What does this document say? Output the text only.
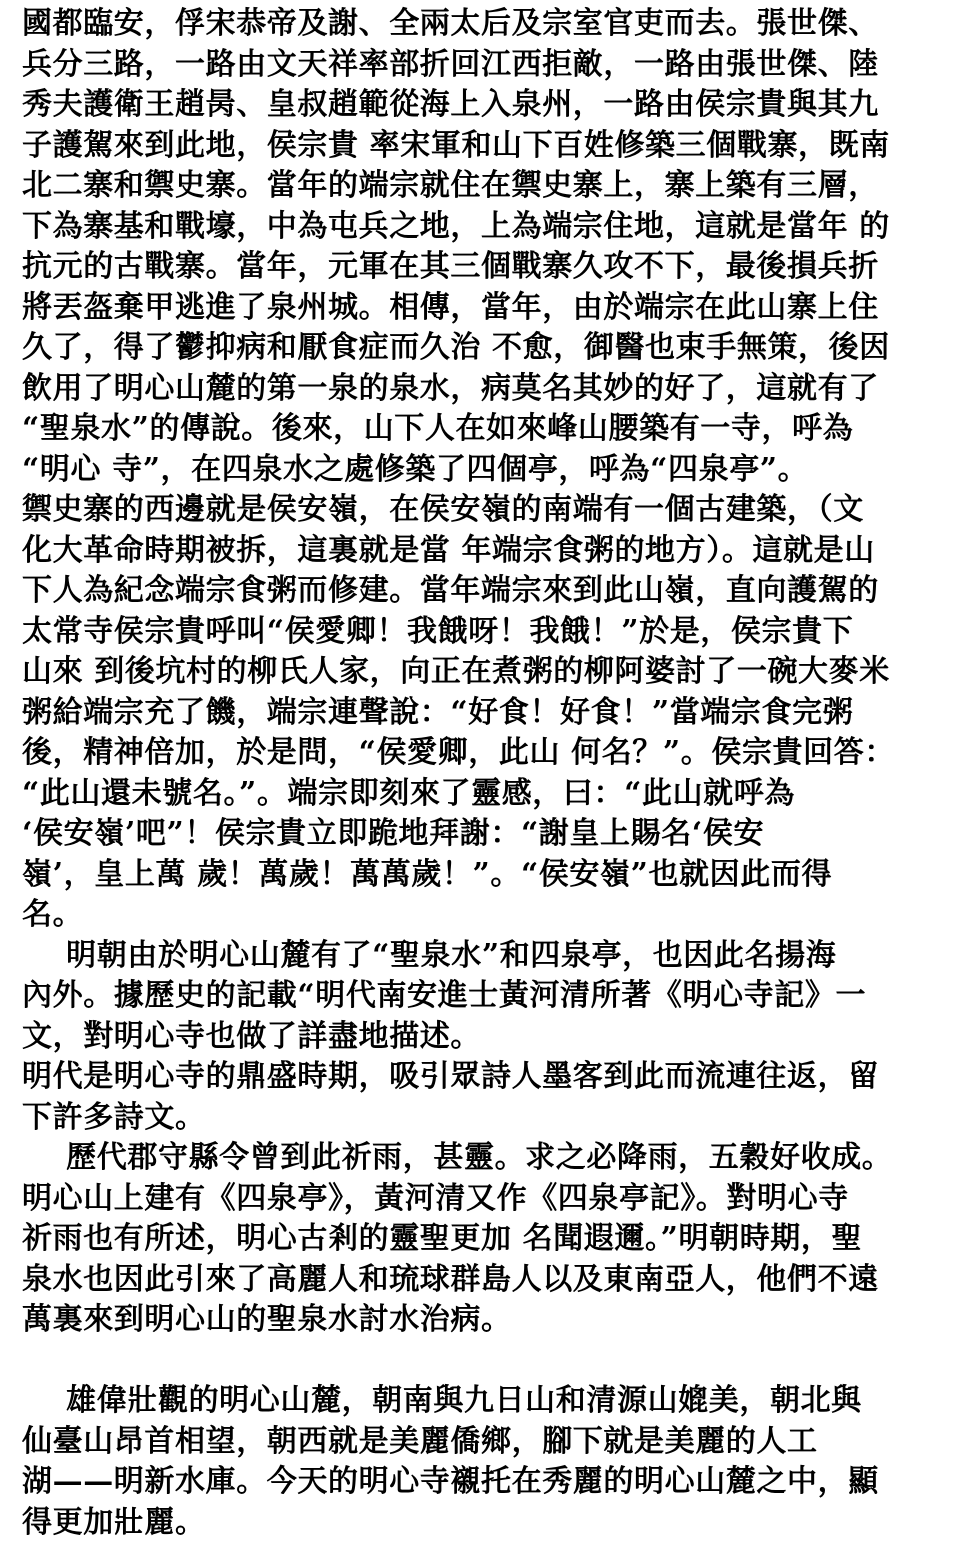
國都臨安，俘宋恭帝及謝、全兩太后及宗室官吏而去。張世傑、
兵分三路，一路由文天祥率部折回江西拒敵，一路由張世傑、陸
秀夫護衛王趙昺、皇叔趙範從海上入泉州，一路由侯宗貴與其九
子護駕來到此地，侯宗貴 率宋軍和山下百姓修築三個戰寨，既南
北二寨和禦史寨。當年的端宗就住在禦史寨上，寨上築有三層，
下為寨基和戰壕，中為屯兵之地，上為端宗住地，這就是當年 的
抗元的古戰寨。當年，元軍在其三個戰寨久攻不下，最後損兵折
將丟盔棄甲逃進了泉州城。相傳，當年，由於端宗在此山寨上住
久了，得了鬱抑病和厭食症而久治 不愈，御醫也束手無策，後因
飲用了明心山麓的第一泉的泉水，病莫名其妙的好了，這就有了
“聖泉水”的傳說。後來，山下人在如來峰山腰築有一寺，呼為
“明心 寺”，在四泉水之處修築了四個亭，呼為“四泉亭”。
禦史寨的西邊就是侯安嶺，在侯安嶺的南端有一個古建築，（文
化大革命時期被拆，這裏就是當 年端宗食粥的地方）。這就是山
下人為紀念端宗食粥而修建。當年端宗來到此山嶺，直向護駕的
太常寺侯宗貴呼叫“侯愛卿！我餓呀！我餓！”於是，侯宗貴下
山來 到後坑村的柳氏人家，向正在煮粥的柳阿婆討了一碗大麥米
粥給端宗充了饑，端宗連聲說：“好食！好食！”當端宗食完粥
後，精神倍加，於是問，“侯愛卿，此山 何名？”。侯宗貴回答：
“此山還未號名。”。端宗即刻來了靈感，曰：“此山就呼為
‘侯安嶺’吧”！侯宗貴立即跪地拜謝：“謝皇上賜名‘侯安
嶺’，皇上萬 歲！萬歲！萬萬歲！”。“侯安嶺”也就因此而得
名。
明朝由於明心山麓有了“聖泉水”和四泉亭，也因此名揚海
內外。據歷史的記載“明代南安進士黃河清所著《明心寺記》一
文，對明心寺也做了詳盡地描述。
明代是明心寺的鼎盛時期，吸引眾詩人墨客到此而流連往返，留
下許多詩文。
歷代郡守縣令曾到此祈雨，甚靈。求之必降雨，五穀好收成。
明心山上建有《四泉亭》，黃河清又作《四泉亭記》。對明心寺
祈雨也有所述，明心古剎的靈聖更加 名聞遐邇。”明朝時期，聖
泉水也因此引來了高麗人和琉球群島人以及東南亞人，他們不遠
萬裏來到明心山的聖泉水討水治病。
雄偉壯觀的明心山麓，朝南與九日山和清源山媲美，朝北與
仙臺山昂首相望，朝西就是美麗僑鄉，腳下就是美麗的人工
湖——明新水庫。今天的明心寺襯托在秀麗的明心山麓之中，顯
得更加壯麗。
